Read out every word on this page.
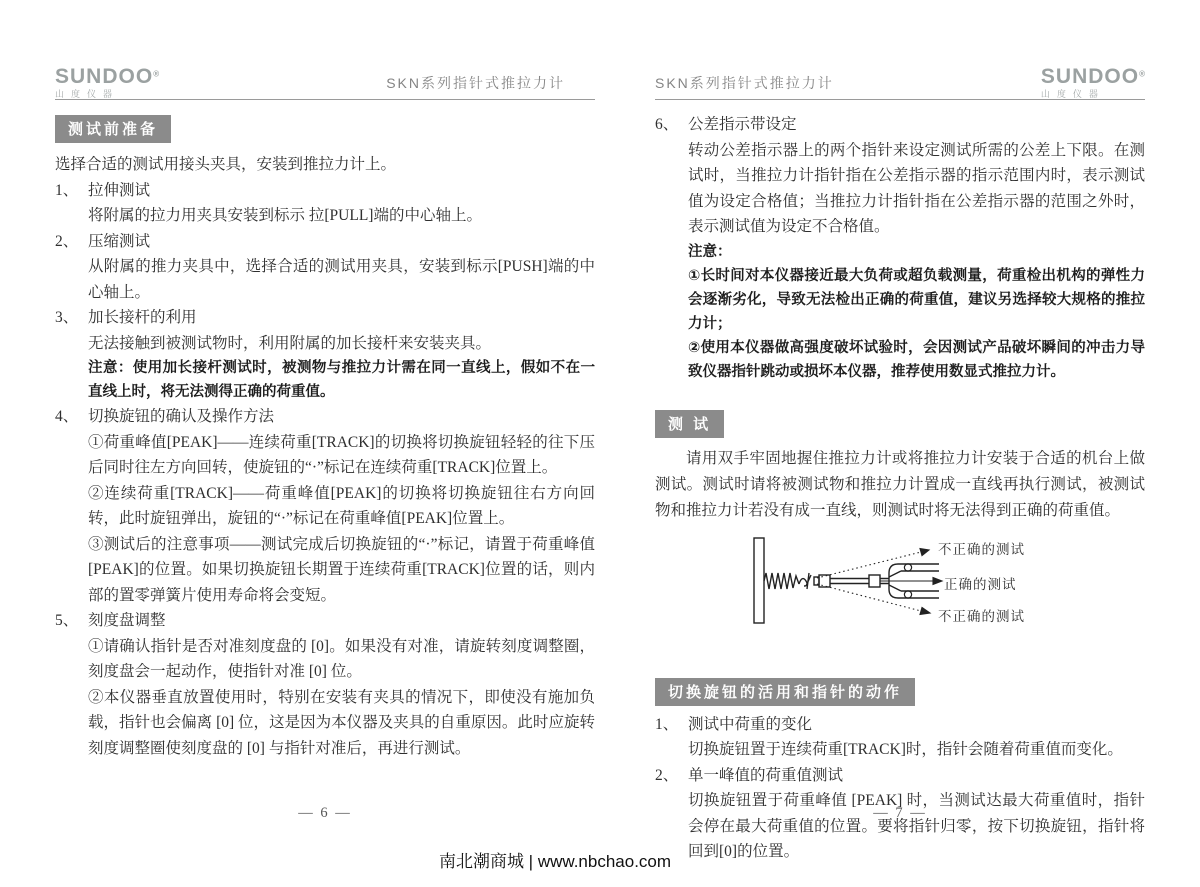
SUNDOO®
山度仪器
SKN系列指针式推拉力计
测试前准备

选择合适的测试用接头夹具，安装到推拉力计上。

1、 拉伸测试

将附属的拉力用夹具安装到标示 拉[PULL]端的中心轴上。

2、 压缩测试

从附属的推力夹具中，选择合适的测试用夹具，安装到标示[PUSH]端的中心轴上。

3、 加长接杆的利用

无法接触到被测试物时，利用附属的加长接杆来安装夹具。

注意：使用加长接杆测试时，被测物与推拉力计需在同一直线上，假如不在一直线上时，将无法测得正确的荷重值。

4、 切换旋钮的确认及操作方法

①荷重峰值[PEAK]——连续荷重[TRACK]的切换将切换旋钮轻轻的往下压后同时往左方向回转，使旋钮的“·”标记在连续荷重[TRACK]位置上。

②连续荷重[TRACK]——荷重峰值[PEAK]的切换将切换旋钮往右方向回转，此时旋钮弹出，旋钮的“·”标记在荷重峰值[PEAK]位置上。

③测试后的注意事项——测试完成后切换旋钮的“·”标记，请置于荷重峰值[PEAK]的位置。如果切换旋钮长期置于连续荷重[TRACK]位置的话，则内部的置零弹簧片使用寿命将会变短。

5、 刻度盘调整

①请确认指针是否对准刻度盘的 [0]。如果没有对准，请旋转刻度调整圈，刻度盘会一起动作，使指针对准 [0] 位。

②本仪器垂直放置使用时，特别在安装有夹具的情况下，即使没有施加负载，指针也会偏离 [0] 位，这是因为本仪器及夹具的自重原因。此时应旋转刻度调整圈使刻度盘的 [0] 与指针对准后，再进行测试。

— 6 —
SKN系列指针式推拉力计	SUNDOO®
山度仪器
6、 公差指示带设定

转动公差指示器上的两个指针来设定测试所需的公差上下限。在测试时，当推拉力计指针指在公差指示器的指示范围内时，表示测试值为设定合格值；当推拉力计指针指在公差指示器的范围之外时，表示测试值为设定不合格值。

注意：

①长时间对本仪器接近最大负荷或超负载测量，荷重检出机构的弹性力会逐渐劣化，导致无法检出正确的荷重值，建议另选择较大规格的推拉力计；

②使用本仪器做高强度破坏试验时，会因测试产品破坏瞬间的冲击力导致仪器指针跳动或损坏本仪器，推荐使用数显式推拉力计。

测 试

请用双手牢固地握住推拉力计或将推拉力计安装于合适的机台上做测试。测试时请将被测试物和推拉力计置成一直线再执行测试，被测试物和推拉力计若没有成一直线，则测试时将无法得到正确的荷重值。

不正确的测试
正确的测试
不正确的测试
切换旋钮的活用和指针的动作
1、 测试中荷重的变化

切换旋钮置于连续荷重[TRACK]时，指针会随着荷重值而变化。

2、 单一峰值的荷重值测试

切换旋钮置于荷重峰值 [PEAK] 时，当测试达最大荷重值时，指针会停在最大荷重值的位置。要将指针归零，按下切换旋钮，指针将回到[0]的位置。

— 7 —
南北潮商城 | www.nbchao.com
